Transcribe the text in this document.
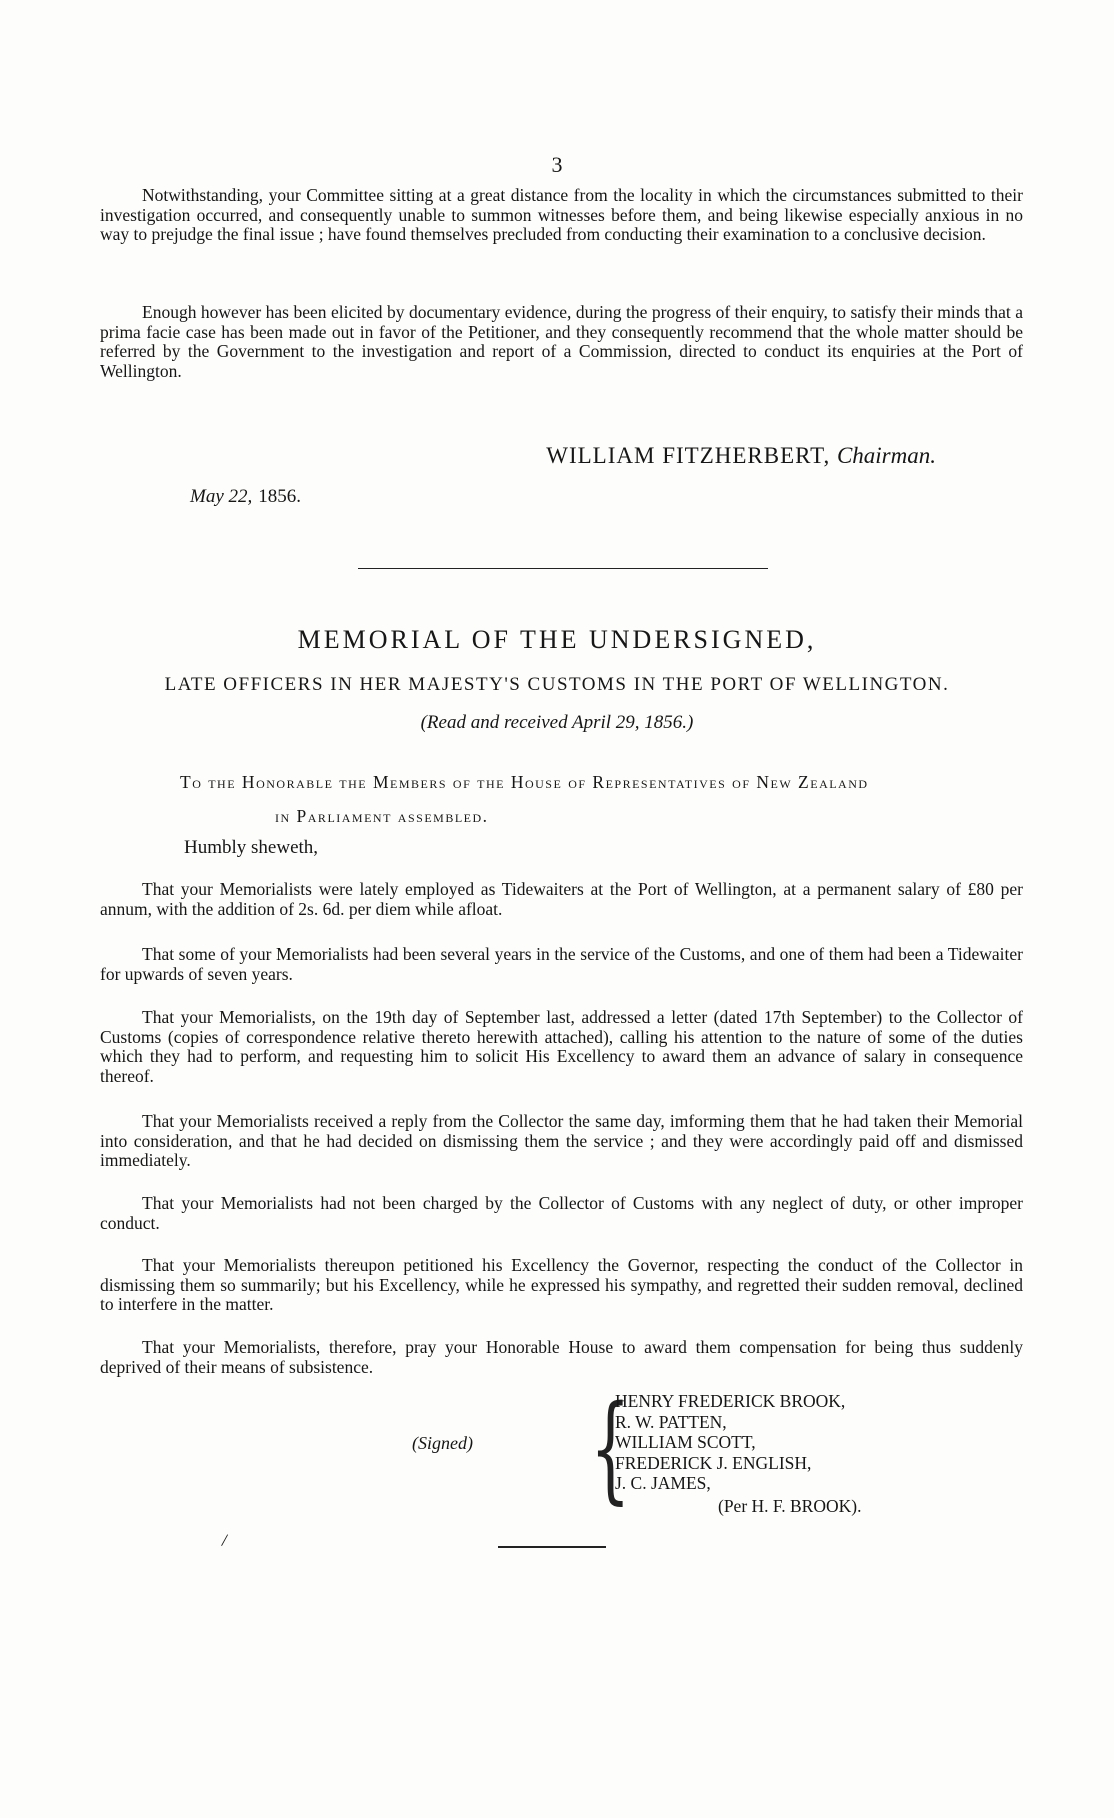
3

Notwithstanding, your Committee sitting at a great distance from the locality in which the circumstances submitted to their investigation occurred, and consequently unable to summon witnesses before them, and being likewise especially anxious in no way to prejudge the final issue ; have found themselves precluded from conducting their examination to a conclusive decision.

Enough however has been elicited by documentary evidence, during the progress of their enquiry, to satisfy their minds that a prima facie case has been made out in favor of the Petitioner, and they consequently recommend that the whole matter should be referred by the Government to the investigation and report of a Commission, directed to conduct its enquiries at the Port of Wellington.

WILLIAM FITZHERBERT, Chairman.
May 22, 1856.
MEMORIAL OF THE UNDERSIGNED,
LATE OFFICERS IN HER MAJESTY'S CUSTOMS IN THE PORT OF WELLINGTON.
(Read and received April 29, 1856.)
To the Honorable the Members of the House of Representatives of New Zealand
in Parliament assembled.
Humbly sheweth,

That your Memorialists were lately employed as Tidewaiters at the Port of Wellington, at a permanent salary of £80 per annum, with the addition of 2s. 6d. per diem while afloat.

That some of your Memorialists had been several years in the service of the Customs, and one of them had been a Tidewaiter for upwards of seven years.

That your Memorialists, on the 19th day of September last, addressed a letter (dated 17th September) to the Collector of Customs (copies of correspondence relative thereto herewith attached), calling his attention to the nature of some of the duties which they had to perform, and requesting him to solicit His Excellency to award them an advance of salary in consequence thereof.

That your Memorialists received a reply from the Collector the same day, imforming them that he had taken their Memorial into consideration, and that he had decided on dismissing them the service ; and they were accordingly paid off and dismissed immediately.

That your Memorialists had not been charged by the Collector of Customs with any neglect of duty, or other improper conduct.

That your Memorialists thereupon petitioned his Excellency the Governor, respecting the conduct of the Collector in dismissing them so summarily; but his Excellency, while he expressed his sympathy, and regretted their sudden removal, declined to interfere in the matter.

That your Memorialists, therefore, pray your Honorable House to award them compensation for being thus suddenly deprived of their means of subsistence.

(Signed) {
HENRY FREDERICK BROOK,
R. W. PATTEN,
WILLIAM SCOTT,
FREDERICK J. ENGLISH,
J. C. JAMES,
(Per H. F. BROOK).
/
